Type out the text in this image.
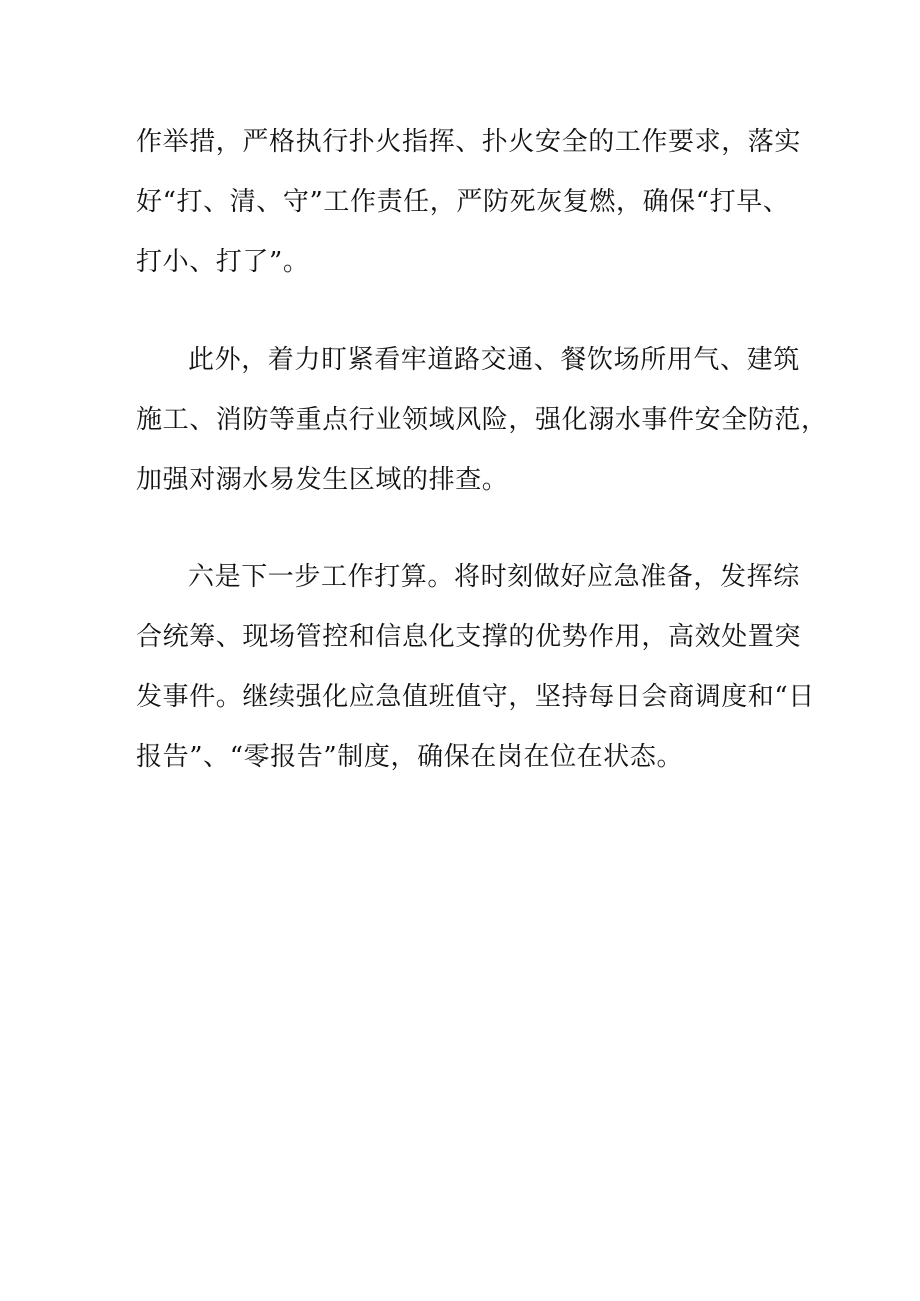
作举措，严格执行扑火指挥、扑火安全的工作要求，落实
好“打、清、守”工作责任，严防死灰复燃，确保“打早、
打小、打了”。
此外，着力盯紧看牢道路交通、餐饮场所用气、建筑
施工、消防等重点行业领域风险，强化溺水事件安全防范，
加强对溺水易发生区域的排查。
六是下一步工作打算。将时刻做好应急准备，发挥综
合统筹、现场管控和信息化支撑的优势作用，高效处置突
发事件。继续强化应急值班值守，坚持每日会商调度和“日
报告”、“零报告”制度，确保在岗在位在状态。
